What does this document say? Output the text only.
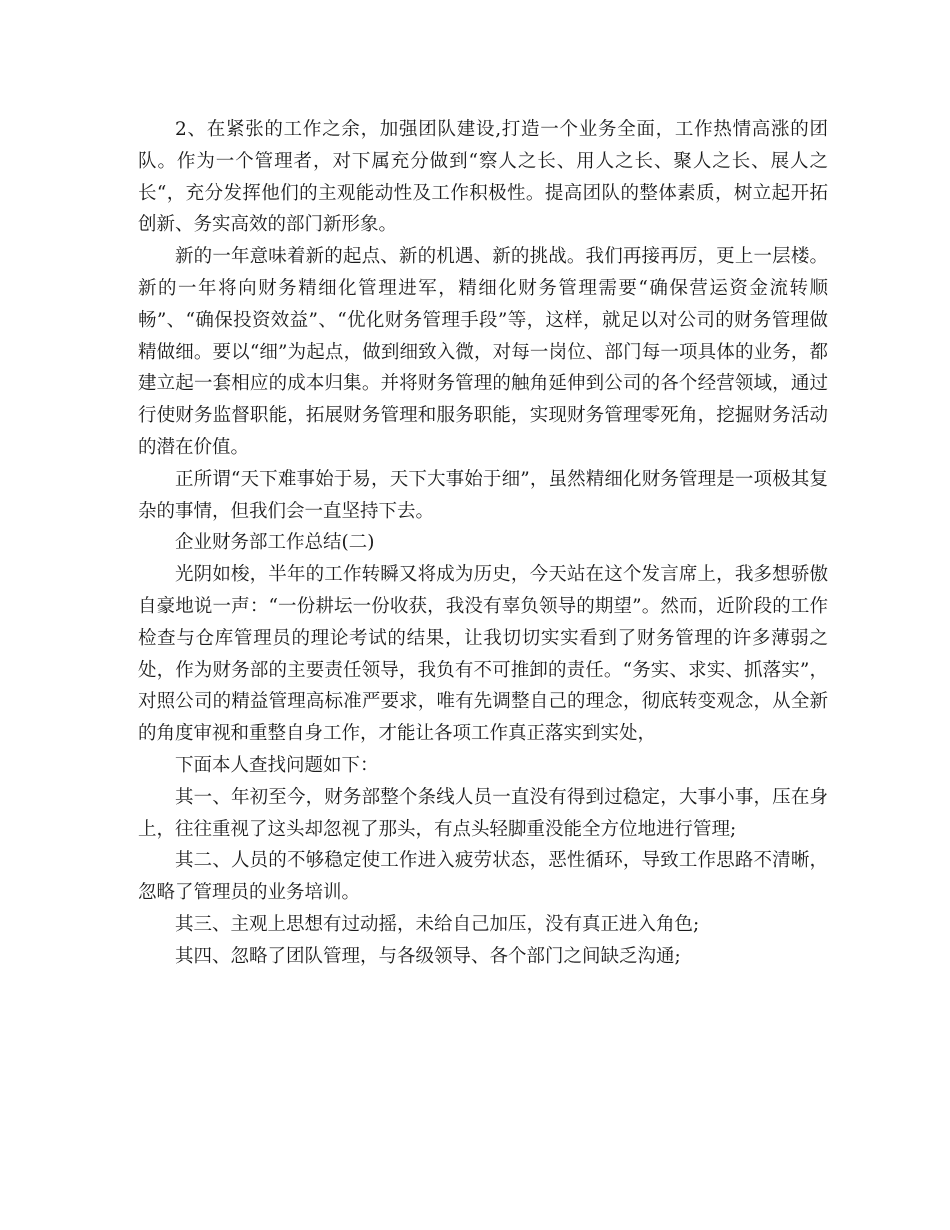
2、在紧张的工作之余，加强团队建设,打造一个业务全面，工作热情高涨的团队。作为一个管理者，对下属充分做到“察人之长、用人之长、聚人之长、展人之长“，充分发挥他们的主观能动性及工作积极性。提高团队的整体素质，树立起开拓创新、务实高效的部门新形象。

新的一年意味着新的起点、新的机遇、新的挑战。我们再接再厉，更上一层楼。新的一年将向财务精细化管理进军，精细化财务管理需要“确保营运资金流转顺畅”、“确保投资效益”、“优化财务管理手段”等，这样，就足以对公司的财务管理做精做细。要以“细”为起点，做到细致入微，对每一岗位、部门每一项具体的业务，都建立起一套相应的成本归集。并将财务管理的触角延伸到公司的各个经营领域，通过行使财务监督职能，拓展财务管理和服务职能，实现财务管理零死角，挖掘财务活动的潜在价值。

正所谓“天下难事始于易，天下大事始于细”，虽然精细化财务管理是一项极其复杂的事情，但我们会一直坚持下去。

企业财务部工作总结(二)

光阴如梭，半年的工作转瞬又将成为历史，今天站在这个发言席上，我多想骄傲自豪地说一声：“一份耕坛一份收获，我没有辜负领导的期望”。然而，近阶段的工作检查与仓库管理员的理论考试的结果，让我切切实实看到了财务管理的许多薄弱之处，作为财务部的主要责任领导，我负有不可推卸的责任。“务实、求实、抓落实”，对照公司的精益管理高标准严要求，唯有先调整自己的理念，彻底转变观念，从全新的角度审视和重整自身工作，才能让各项工作真正落实到实处，

下面本人查找问题如下：

其一、年初至今，财务部整个条线人员一直没有得到过稳定，大事小事，压在身上，往往重视了这头却忽视了那头，有点头轻脚重没能全方位地进行管理;

其二、人员的不够稳定使工作进入疲劳状态，恶性循环，导致工作思路不清晰，忽略了管理员的业务培训。

其三、主观上思想有过动摇，未给自己加压，没有真正进入角色;

其四、忽略了团队管理，与各级领导、各个部门之间缺乏沟通;
